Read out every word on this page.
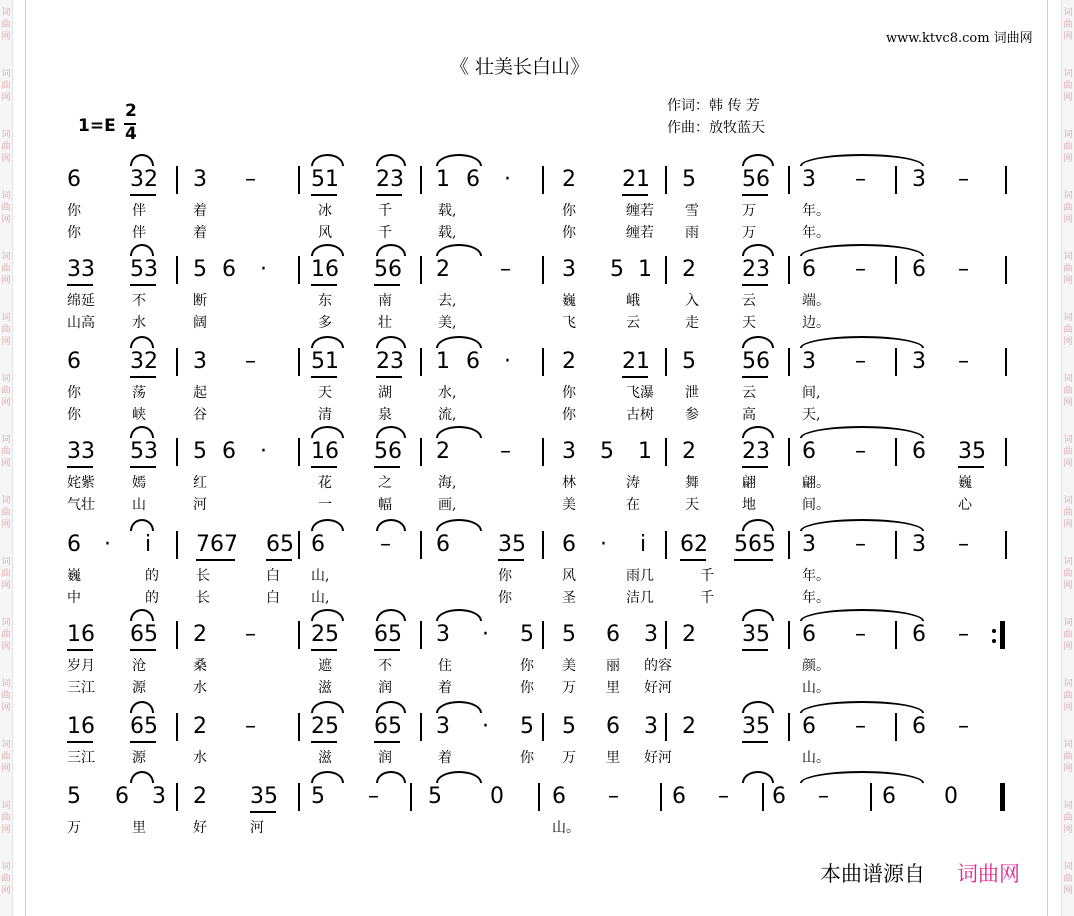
词
曲
网
词
曲
网
词
曲
网
词
曲
网
词
曲
网
词
曲
网
词
曲
网
词
曲
网
词
曲
网
词
曲
网
词
曲
网
词
曲
网
词
曲
网
词
曲
网
词
曲
网
词
曲
网
词
曲
网
词
曲
网
词
曲
网
词
曲
网
词
曲
网
词
曲
网
词
曲
网
词
曲
网
词
曲
网
词
曲
网
词
曲
网
词
曲
网
词
曲
网
词
曲
网
www.ktvc8.com 词曲网
《 壮美长白山》
1=E
2
4
作词：韩 传 芳
作曲：放牧蓝天
6 32 3 –	51 23 1 6 · 2 21 5 56 3 – 3 –
你	伴	着	冰	千	载,	你	缠若 雪	万	年。
你	伴	着	风	千	载,	你	缠若 雨	万	年。
33 53 5 6 · 16 56 2 – 3 5 1 2 23 6 – 6 –
绵延	不	断	东	南	去,	巍	峨	入	云	端。
山高	水	阔	多	壮	美,	飞	云	走	天	边。
6 32 3 –	51 23 1 6 · 2 21 5 56 3 – 3 –
你	荡	起	天	湖	水,	你	飞瀑 泄	云	间,
你	峡	谷	清	泉	流,	你	古树 参	高	天,
33 53 5 6 · 16 56 2 – 3 5 1 2 23 6 – 6 35
姹紫	嫣	红	花	之	海,	林	涛	舞	翩	翩。	巍
气壮	山	河	一	幅	画,	美	在	天	地	间。	心
6 · i 767 65 6	– 6 35 6 · i 62 565 3 – 3 –
巍	的	长	白 山,	你	风	雨几	千	年。
中	的	长	白 山,	你	圣	洁几	千	年。
16 65 2 –	25 65 3 · 5 5 6 3 2 35 6 – 6 –
岁月	沧	桑	遮	不	住	你 美 丽 的容	颜。
三江	源	水	滋	润	着	你 万 里 好河	山。
16 65 2 –	25 65 3 · 5 5 6 3 2 35 6 – 6 –
三江	源	水	滋	润	着	你 万 里 好河	山。
5 6 3 2 35 5 – 5 0 6 – 6 – 6 – 6 0
万	里	好	河	山。
本曲谱源自 词曲网
